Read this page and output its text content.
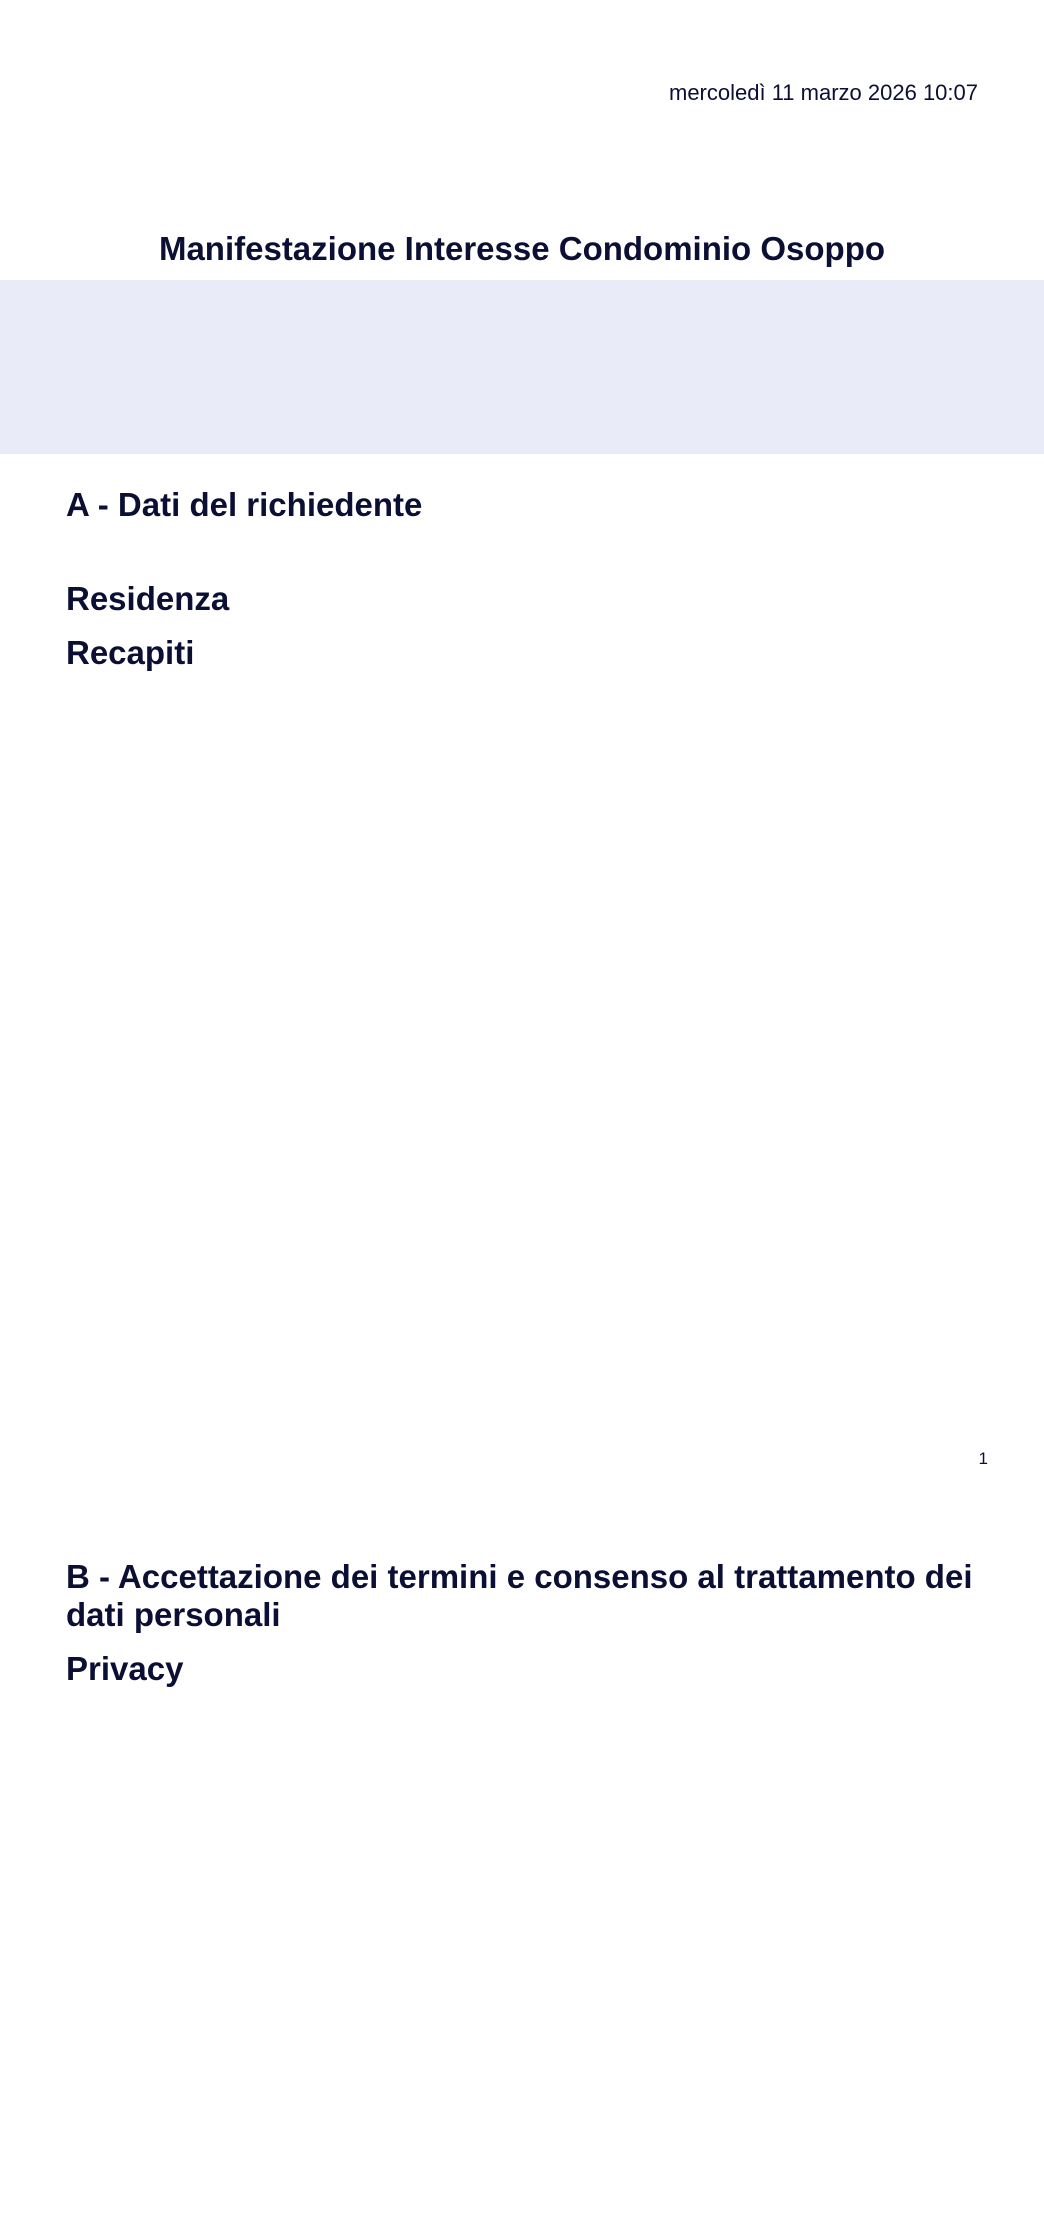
mercoledì 11 marzo 2026 10:07
Manifestazione Interesse Condominio Osoppo
A - Dati del richiedente
Residenza
Recapiti
1
B - Accettazione dei termini e consenso al trattamento dei dati personali
Privacy
